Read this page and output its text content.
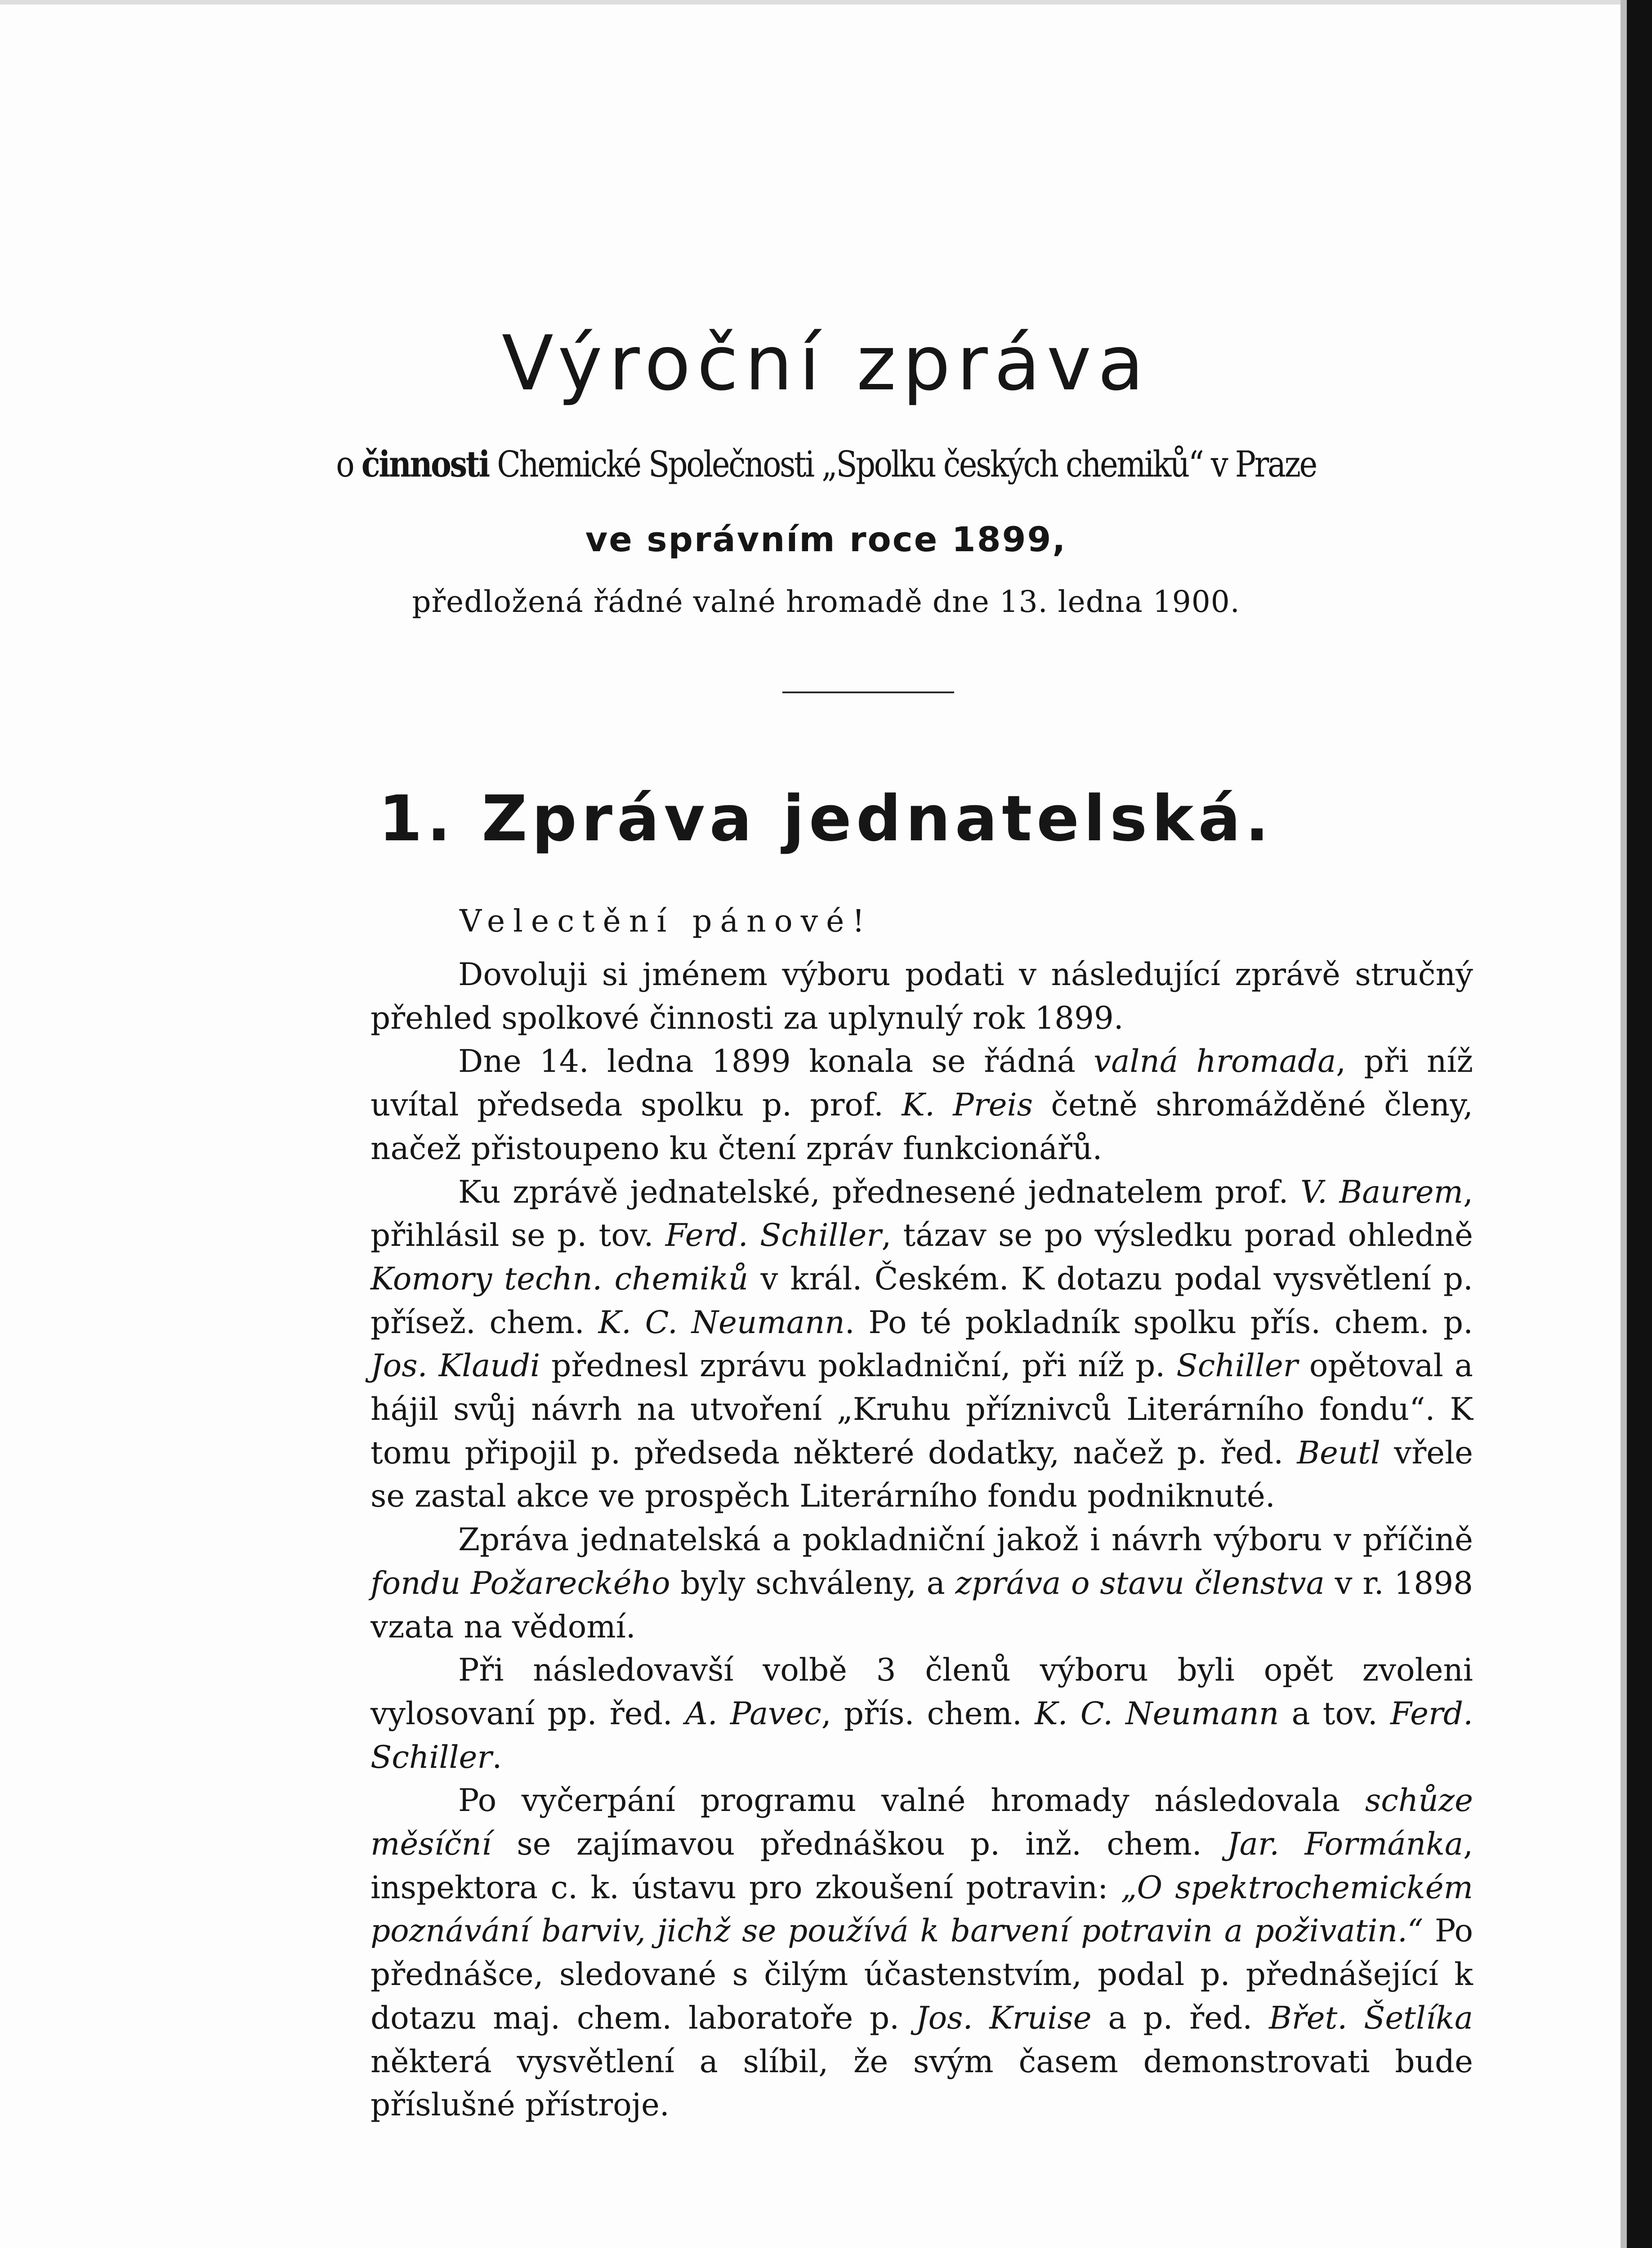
Výroční zpráva
o činnosti Chemické Společnosti „Spolku českých chemiků“ v Praze
ve správním roce 1899,
předložená řádné valné hromadě dne 13. ledna 1900.
1. Zpráva jednatelská.
Velectění pánové!

Dovoluji si jménem výboru podati v následující zprávě stručný přehled spolkové činnosti za uplynulý rok 1899.

Dne 14. ledna 1899 konala se řádná valná hromada, při níž uvítal předseda spolku p. prof. K. Preis četně shromážděné členy, načež přistoupeno ku čtení zpráv funkcionářů.

Ku zprávě jednatelské, přednesené jednatelem prof. V. Baurem, přihlásil se p. tov. Ferd. Schiller, tázav se po výsledku porad ohledně Komory techn. chemiků v král. Českém. K dotazu podal vysvětlení p. přísež. chem. K. C. Neumann. Po té pokladník spolku přís. chem. p. Jos. Klaudi přednesl zprávu pokladniční, při níž p. Schiller opětoval a hájil svůj návrh na utvoření „Kruhu příznivců Literárního fondu“. K tomu připojil p. předseda některé dodatky, načež p. řed. Beutl vřele se zastal akce ve prospěch Literárního fondu podniknuté.

Zpráva jednatelská a pokladniční jakož i návrh výboru v příčině fondu Požareckého byly schváleny, a zpráva o stavu členstva v r. 1898 vzata na vědomí.

Při následovavší volbě 3 členů výboru byli opět zvoleni vylosovaní pp. řed. A. Pavec, přís. chem. K. C. Neumann a tov. Ferd. Schiller.

Po vyčerpání programu valné hromady následovala schůze měsíční se zajímavou přednáškou p. inž. chem. Jar. Formánka, inspektora c. k. ústavu pro zkoušení potravin: „O spektrochemickém poznávání barviv, jichž se používá k barvení potravin a poživatin.“ Po přednášce, sledované s čilým účastenstvím, podal p. přednášející k dotazu maj. chem. laboratoře p. Jos. Kruise a p. řed. Břet. Šetlíka některá vysvětlení a slíbil, že svým časem demonstrovati bude příslušné přístroje.
